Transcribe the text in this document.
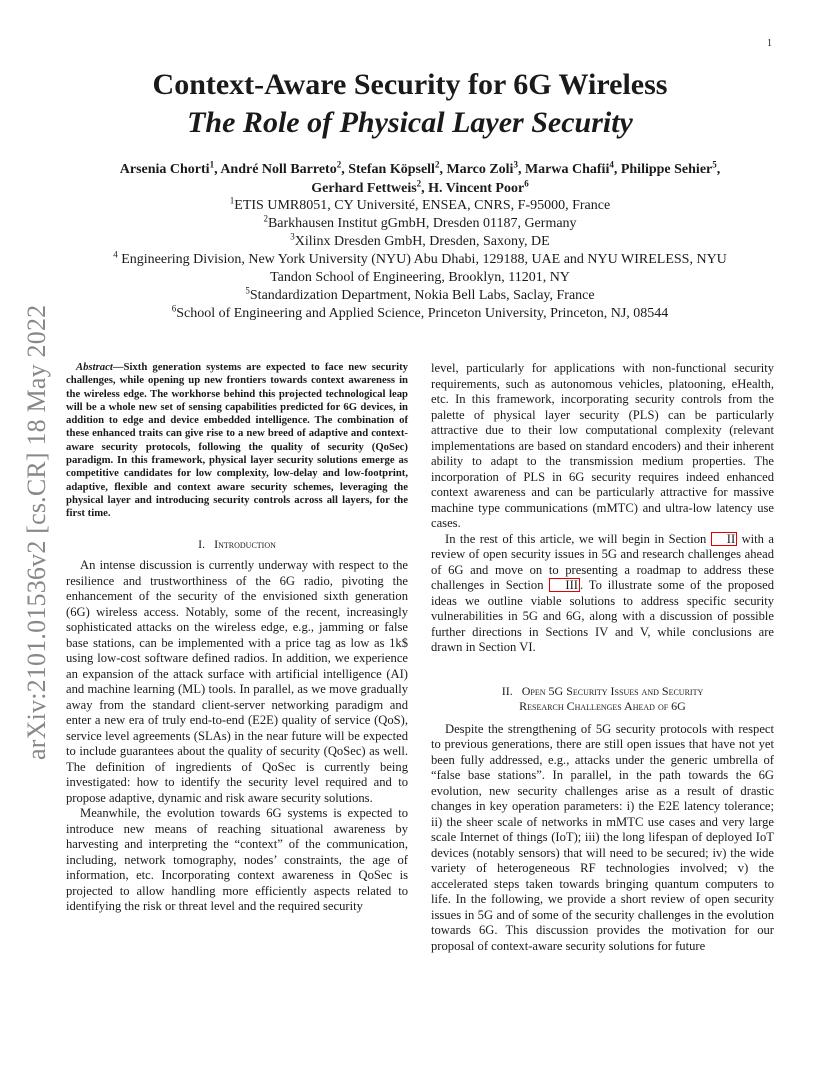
1
arXiv:2101.01536v2 [cs.CR] 18 May 2022
Context-Aware Security for 6G Wireless
The Role of Physical Layer Security
Arsenia Chorti$^1$, André Noll Barreto$^2$, Stefan Köpsell$^2$, Marco Zoli$^3$, Marwa Chafii$^4$, Philippe Sehier$^5$,
Gerhard Fettweis$^2$, H. Vincent Poor$^6$
$^1$ETIS UMR8051, CY Université, ENSEA, CNRS, F-95000, France
$^2$Barkhausen Institut gGmbH, Dresden 01187, Germany
$^3$Xilinx Dresden GmbH, Dresden, Saxony, DE
$^4$ Engineering Division, New York University (NYU) Abu Dhabi, 129188, UAE and NYU WIRELESS, NYU
Tandon School of Engineering, Brooklyn, 11201, NY
$^5$Standardization Department, Nokia Bell Labs, Saclay, France
$^6$School of Engineering and Applied Science, Princeton University, Princeton, NJ, 08544

Abstract—Sixth generation systems are expected to face new security challenges, while opening up new frontiers towards context awareness in the wireless edge. The workhorse behind this projected technological leap will be a whole new set of sensing capabilities predicted for 6G devices, in addition to edge and device embedded intelligence. The combination of these enhanced traits can give rise to a new breed of adaptive and context-aware security protocols, following the quality of security (QoSec) paradigm. In this framework, physical layer security solutions emerge as competitive candidates for low complexity, low-delay and low-footprint, adaptive, flexible and context aware security schemes, leveraging the physical layer and introducing security controls across all layers, for the first time.

I. Introduction

An intense discussion is currently underway with respect to the resilience and trustworthiness of the 6G radio, pivoting the enhancement of the security of the envisioned sixth generation (6G) wireless access. Notably, some of the recent, increasingly sophisticated attacks on the wireless edge, e.g., jamming or false base stations, can be implemented with a price tag as low as 1k$ using low-cost software defined radios. In addition, we experience an expansion of the attack surface with artificial intelligence (AI) and machine learning (ML) tools. In parallel, as we move gradually away from the standard client-server networking paradigm and enter a new era of truly end-to-end (E2E) quality of service (QoS), service level agreements (SLAs) in the near future will be expected to include guarantees about the quality of security (QoSec) as well. The definition of ingredients of QoSec is currently being investigated: how to identify the security level required and to propose adaptive, dynamic and risk aware security solutions.

Meanwhile, the evolution towards 6G systems is expected to introduce new means of reaching situational awareness by harvesting and interpreting the “context” of the communication, including, network tomography, nodes’ constraints, the age of information, etc. Incorporating context awareness in QoSec is projected to allow handling more efficiently aspects related to identifying the risk or threat level and the required security

level, particularly for applications with non-functional security requirements, such as autonomous vehicles, platooning, eHealth, etc. In this framework, incorporating security controls from the palette of physical layer security (PLS) can be particularly attractive due to their low computational complexity (relevant implementations are based on standard encoders) and their inherent ability to adapt to the transmission medium properties. The incorporation of PLS in 6G security requires indeed enhanced context awareness and can be particularly attractive for massive machine type communications (mMTC) and ultra-low latency use cases.

In the rest of this article, we will begin in Section II with a review of open security issues in 5G and research challenges ahead of 6G and move on to presenting a roadmap to address these challenges in Section III . To illustrate some of the proposed ideas we outline viable solutions to address specific security vulnerabilities in 5G and 6G, along with a discussion of possible further directions in Sections IV and V, while conclusions are drawn in Section VI.

II. Open 5G Security Issues and Security
Research Challenges Ahead of 6G

Despite the strengthening of 5G security protocols with respect to previous generations, there are still open issues that have not yet been fully addressed, e.g., attacks under the generic umbrella of “false base stations”. In parallel, in the path towards the 6G evolution, new security challenges arise as a result of drastic changes in key operation parameters: i) the E2E latency tolerance; ii) the sheer scale of networks in mMTC use cases and very large scale Internet of things (IoT); iii) the long lifespan of deployed IoT devices (notably sensors) that will need to be secured; iv) the wide variety of heterogeneous RF technologies involved; v) the accelerated steps taken towards bringing quantum computers to life. In the following, we provide a short review of open security issues in 5G and of some of the security challenges in the evolution towards 6G. This discussion provides the motivation for our proposal of context-aware security solutions for future
